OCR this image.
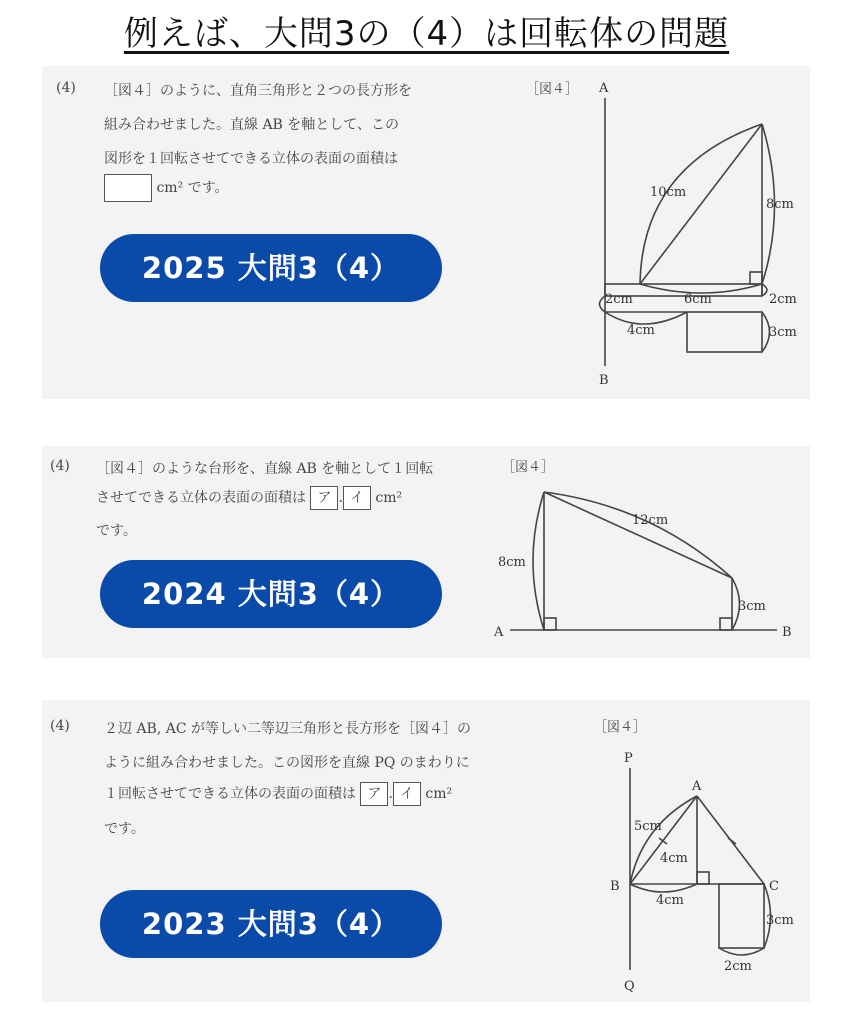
例えば、大問3の（4）は回転体の問題
(4) ［図４］のように、直角三角形と２つの長方形を
組み合わせました。直線 AB を軸として、この
図形を１回転させてできる立体の表面の面積は
cm² です。
2025 大問3（4）
［図４］ A
B
10cm
8cm
2cm	6cm	2cm
4cm	3cm
(4) ［図４］のような台形を、直線 AB を軸として１回転
させてできる立体の表面の面積は ア . イ cm²
です。
2024 大問3（4）
［図４］
A	B
12cm
8cm
3cm
(4) ２辺 AB, AC が等しい二等辺三角形と長方形を［図４］の
ように組み合わせました。この図形を直線 PQ のまわりに
１回転させてできる立体の表面の面積は ア . イ cm²
です。
2023 大問3（4）
［図４］
P
Q
A
B	C
5cm
4cm
4cm
3cm
2cm
